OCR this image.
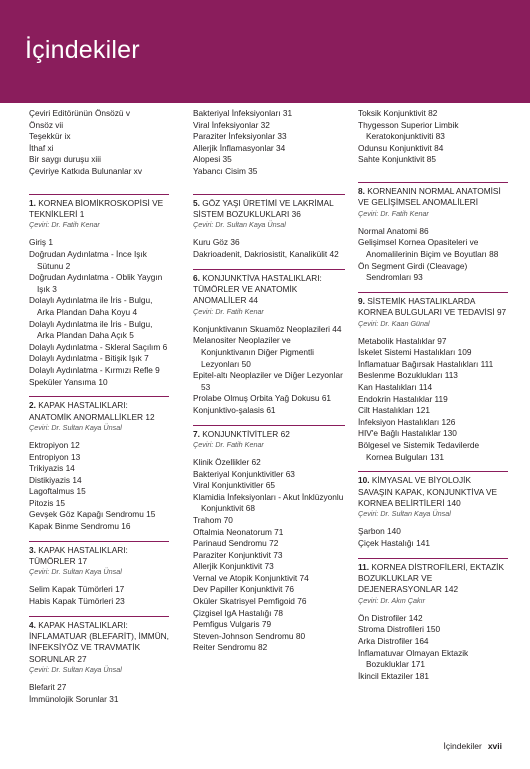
İçindekiler
Çeviri Editörünün Önsözü v
Önsöz vii
Teşekkür ix
İthaf xi
Bir saygı duruşu xiii
Çeviriye Katkıda Bulunanlar xv
1. KORNEA BİOMİKROSKOPİSİ VE TEKNİKLERİ 1
Çeviri: Dr. Fatih Kenar
Giriş 1
Doğrudan Aydınlatma - İnce Işık Sütunu 2
Doğrudan Aydınlatma - Oblik Yaygın Işık 3
Dolaylı Aydınlatma ile İris - Bulgu, Arka Plandan Daha Koyu 4
Dolaylı Aydınlatma ile İris - Bulgu, Arka Plandan Daha Açık 5
Dolaylı Aydınlatma - Skleral Saçılım 6
Dolaylı Aydınlatma - Bitişik Işık 7
Dolaylı Aydınlatma - Kırmızı Refle 9
Speküler Yansıma 10
2. KAPAK HASTALIKLARI: ANATOMİK ANORMALLİKLER 12
Çeviri: Dr. Sultan Kaya Ünsal
Ektropiyon 12
Entropiyon 13
Trikiyazis 14
Distikiyazis 14
Lagoftalmus 15
Pitozis 15
Gevşek Göz Kapağı Sendromu 15
Kapak Binme Sendromu 16
3. KAPAK HASTALIKLARI: TÜMÖRLER 17
Çeviri: Dr. Sultan Kaya Ünsal
Selim Kapak Tümörleri 17
Habis Kapak Tümörleri 23
4. KAPAK HASTALIKLARI: İNFLAMATUAR (BLEFARİT), İMMÜN, İNFEKSİYÖZ VE TRAVMATİK SORUNLAR 27
Çeviri: Dr. Sultan Kaya Ünsal
Blefarit 27
İmmünolojik Sorunlar 31
Bakteriyal İnfeksiyonları 31
Viral İnfeksiyonlar 32
Paraziter İnfeksiyonlar 33
Allerjik İnflamasyonlar 34
Alopesi 35
Yabancı Cisim 35
5. GÖZ YAŞI ÜRETİMİ VE LAKRİMAL SİSTEM BOZUKLUKLARI 36
Çeviri: Dr. Sultan Kaya Ünsal
Kuru Göz 36
Dakrioadenit, Dakriosistit, Kanalikülit 42
6. KONJUNKTİVA HASTALIKLARI: TÜMÖRLER VE ANATOMİK ANOMALİLER 44
Çeviri: Dr. Fatih Kenar
Konjunktivanın Skuamöz Neoplazileri 44
Melanositer Neoplaziler ve Konjunktivanın Diğer Pigmentli Lezyonları 50
Epitel-altı Neoplaziler ve Diğer Lezyonlar 53
Prolabe Olmuş Orbita Yağ Dokusu 61
Konjunktivo-şalasis 61
7. KONJUNKTİVİTLER 62
Çeviri: Dr. Fatih Kenar
Klinik Özellikler 62
Bakteriyal Konjunktivitler 63
Viral Konjunktivitler 65
Klamidia İnfeksiyonları - Akut İnklüzyonlu Konjunktivit 68
Trahom 70
Oftalmia Neonatorum 71
Parinaud Sendromu 72
Paraziter Konjunktivit 73
Allerjik Konjunktivit 73
Vernal ve Atopik Konjunktivit 74
Dev Papiller Konjunktivit 76
Oküler Skatrisyel Pemfigoid 76
Çizgisel IgA Hastalığı 78
Pemfigus Vulgaris 79
Steven-Johnson Sendromu 80
Reiter Sendromu 82
Toksik Konjunktivit 82
Thygesson Superior Limbik Keratokonjunktiviti 83
Odunsu Konjunktivit 84
Sahte Konjunktivit 85
8. KORNEANIN NORMAL ANATOMİSİ VE GELİŞİMSEL ANOMALİLERİ
Çeviri: Dr. Fatih Kenar
Normal Anatomi 86
Gelişimsel Kornea Opasiteleri ve Anomalilerinin Biçim ve Boyutları 88
Ön Segment Girdi (Cleavage) Sendromları 93
9. SİSTEMİK HASTALIKLARDA KORNEA BULGULARI VE TEDAVİSİ 97
Çeviri: Dr. Kaan Günal
Metabolik Hastalıklar 97
İskelet Sistemi Hastalıkları 109
İnflamatuar Bağırsak Hastalıkları 111
Beslenme Bozuklukları 113
Kan Hastalıkları 114
Endokrin Hastalıklar 119
Cilt Hastalıkları 121
İnfeksiyon Hastalıkları 126
HIV'e Bağlı Hastalıklar 130
Bölgesel ve Sistemik Tedavilerde Kornea Bulguları 131
10. KİMYASAL VE BİYOLOJİK SAVAŞIN KAPAK, KONJUNKTİVA VE KORNEA BELİRTİLERİ 140
Çeviri: Dr. Sultan Kaya Ünsal
Şarbon 140
Çiçek Hastalığı 141
11. KORNEA DİSTROFİLERİ, EKTAZİK BOZUKLUKLAR VE DEJENERASYONLAR 142
Çeviri: Dr. Akın Çakır
Ön Distrofiler 142
Stroma Distrofileri 150
Arka Distrofiler 164
İnflamatuvar Olmayan Ektazik Bozukluklar 171
İkincil Ektaziler 181
İçindekiler xvii
